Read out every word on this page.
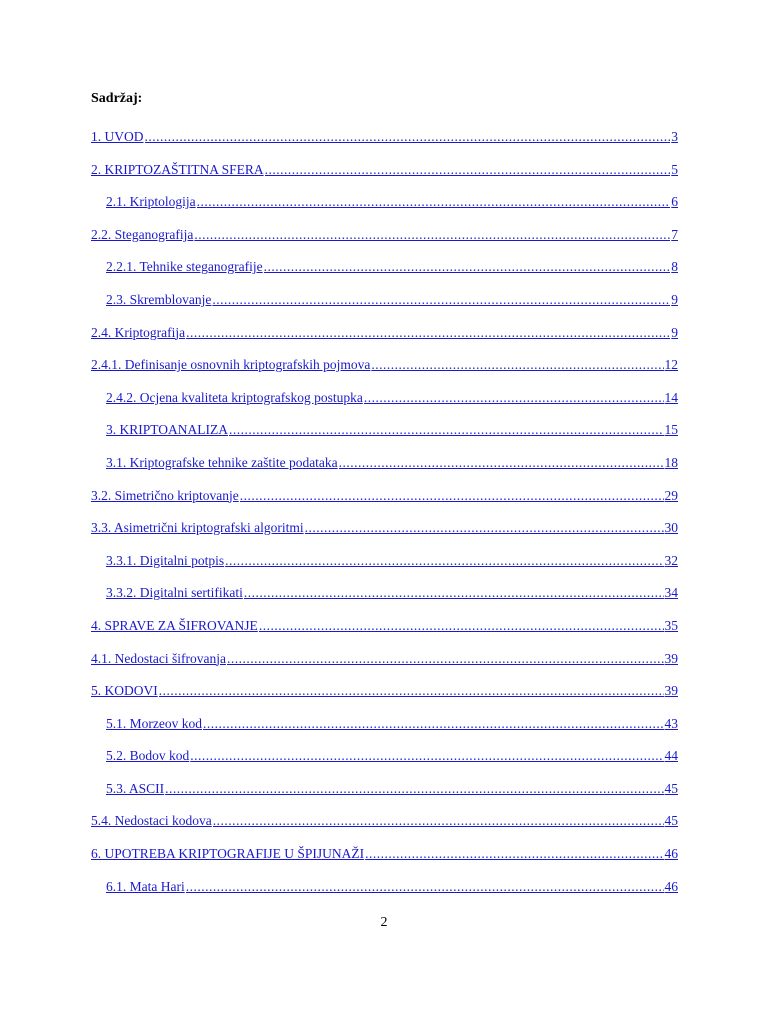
Sadržaj:
1. UVOD .....	3
2. KRIPTOZAŠTITNA SFERA .....	5
2.1. Kriptologija .....	6
2.2. Steganografija .....	7
2.2.1. Tehnike steganografije .....	8
2.3. Skremblovanje .....	9
2.4. Kriptografija .....	9
2.4.1. Definisanje osnovnih kriptografskih pojmova .....	12
2.4.2. Ocjena kvaliteta kriptografskog postupka .....	14
3. KRIPTOANALIZA .....	15
3.1. Kriptografske tehnike zaštite podataka .....	18
3.2. Simetrično kriptovanje .....	29
3.3. Asimetrični kriptografski algoritmi .....	30
3.3.1. Digitalni potpis .....	32
3.3.2. Digitalni sertifikati .....	34
4. SPRAVE ZA ŠIFROVANJE .....	35
4.1. Nedostaci šifrovanja .....	39
5. KODOVI .....	39
5.1. Morzeov kod .....	43
5.2. Bodov kod .....	44
5.3. ASCII .....	45
5.4. Nedostaci kodova .....	45
6. UPOTREBA KRIPTOGRAFIJE U ŠPIJUNAŽI .....	46
6.1. Mata Hari .....	46
2
